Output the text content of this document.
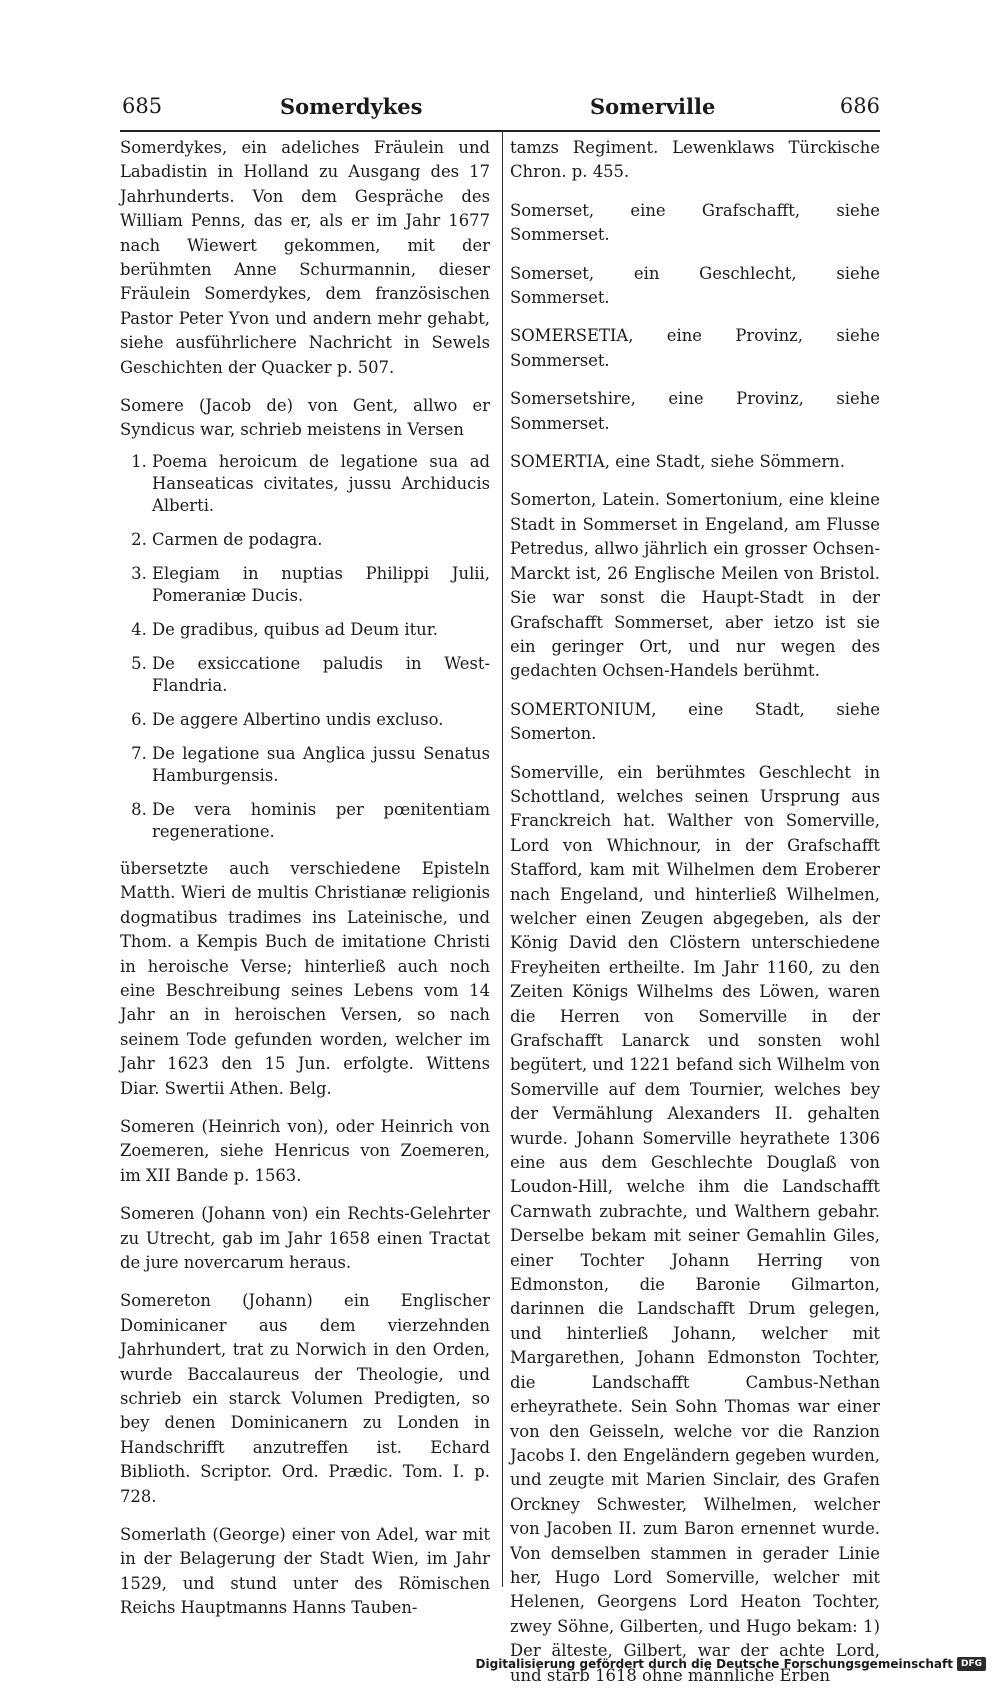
685	Somerdykes	Somerville	686

Somerdykes, ein adeliches Fräulein und Labadistin in Holland zu Ausgang des 17 Jahrhunderts. Von dem Gespräche des William Penns, das er, als er im Jahr 1677 nach Wiewert gekommen, mit der berühmten Anne Schurmannin, dieser Fräulein Somerdykes, dem französischen Pastor Peter Yvon und andern mehr gehabt, siehe ausführlichere Nachricht in Sewels Geschichten der Quacker p. 507.

Somere (Jacob de) von Gent, allwo er Syndicus war, schrieb meistens in Versen

1. Poema heroicum de legatione sua ad Hanseaticas civitates, jussu Archiducis Alberti.
2. Carmen de podagra.
3. Elegiam in nuptias Philippi Julii, Pomeraniæ Ducis.
4. De gradibus, quibus ad Deum itur.
5. De exsiccatione paludis in West-Flandria.
6. De aggere Albertino undis excluso.
7. De legatione sua Anglica jussu Senatus Hamburgensis.
8. De vera hominis per pœnitentiam regeneratione.

übersetzte auch verschiedene Episteln Matth. Wieri de multis Christianæ religionis dogmatibus tradimes ins Lateinische, und Thom. a Kempis Buch de imitatione Christi in heroische Verse; hinterließ auch noch eine Beschreibung seines Lebens vom 14 Jahr an in heroischen Versen, so nach seinem Tode gefunden worden, welcher im Jahr 1623 den 15 Jun. erfolgte. Wittens Diar. Swertii Athen. Belg.

Someren (Heinrich von), oder Heinrich von Zoemeren, siehe Henricus von Zoemeren, im XII Bande p. 1563.

Someren (Johann von) ein Rechts-Gelehrter zu Utrecht, gab im Jahr 1658 einen Tractat de jure novercarum heraus.

Somereton (Johann) ein Englischer Dominicaner aus dem vierzehnden Jahrhundert, trat zu Norwich in den Orden, wurde Baccalaureus der Theologie, und schrieb ein starck Volumen Predigten, so bey denen Dominicanern zu Londen in Handschrifft anzutreffen ist. Echard Biblioth. Scriptor. Ord. Prædic. Tom. I. p. 728.

Somerlath (George) einer von Adel, war mit in der Belagerung der Stadt Wien, im Jahr 1529, und stund unter des Römischen Reichs Hauptmanns Hanns Tauben-

tamzs Regiment. Lewenklaws Türckische Chron. p. 455.

Somerset, eine Grafschafft, siehe Sommerset.

Somerset, ein Geschlecht, siehe Sommerset.

SOMERSETIA, eine Provinz, siehe Sommerset.

Somersetshire, eine Provinz, siehe Sommerset.

SOMERTIA, eine Stadt, siehe Sömmern.

Somerton, Latein. Somertonium, eine kleine Stadt in Sommerset in Engeland, am Flusse Petredus, allwo jährlich ein grosser Ochsen-Marckt ist, 26 Englische Meilen von Bristol. Sie war sonst die Haupt-Stadt in der Grafschafft Sommerset, aber ietzo ist sie ein geringer Ort, und nur wegen des gedachten Ochsen-Handels berühmt.

SOMERTONIUM, eine Stadt, siehe Somerton.

Somerville, ein berühmtes Geschlecht in Schottland, welches seinen Ursprung aus Franckreich hat. Walther von Somerville, Lord von Whichnour, in der Grafschafft Stafford, kam mit Wilhelmen dem Eroberer nach Engeland, und hinterließ Wilhelmen, welcher einen Zeugen abgegeben, als der König David den Clöstern unterschiedene Freyheiten ertheilte. Im Jahr 1160, zu den Zeiten Königs Wilhelms des Löwen, waren die Herren von Somerville in der Grafschafft Lanarck und sonsten wohl begütert, und 1221 befand sich Wilhelm von Somerville auf dem Tournier, welches bey der Vermählung Alexanders II. gehalten wurde. Johann Somerville heyrathete 1306 eine aus dem Geschlechte Douglaß von Loudon-Hill, welche ihm die Landschafft Carnwath zubrachte, und Walthern gebahr. Derselbe bekam mit seiner Gemahlin Giles, einer Tochter Johann Herring von Edmonston, die Baronie Gilmarton, darinnen die Landschafft Drum gelegen, und hinterließ Johann, welcher mit Margarethen, Johann Edmonston Tochter, die Landschafft Cambus-Nethan erheyrathete. Sein Sohn Thomas war einer von den Geisseln, welche vor die Ranzion Jacobs I. den Engeländern gegeben wurden, und zeugte mit Marien Sinclair, des Grafen Orckney Schwester, Wilhelmen, welcher von Jacoben II. zum Baron ernennet wurde. Von demselben stammen in gerader Linie her, Hugo Lord Somerville, welcher mit Helenen, Georgens Lord Heaton Tochter, zwey Söhne, Gilberten, und Hugo bekam: 1) Der älteste, Gilbert, war der achte Lord, und starb 1618 ohne männliche Erben

Digitalisierung gefördert durch die Deutsche Forschungsgemeinschaft DFG
